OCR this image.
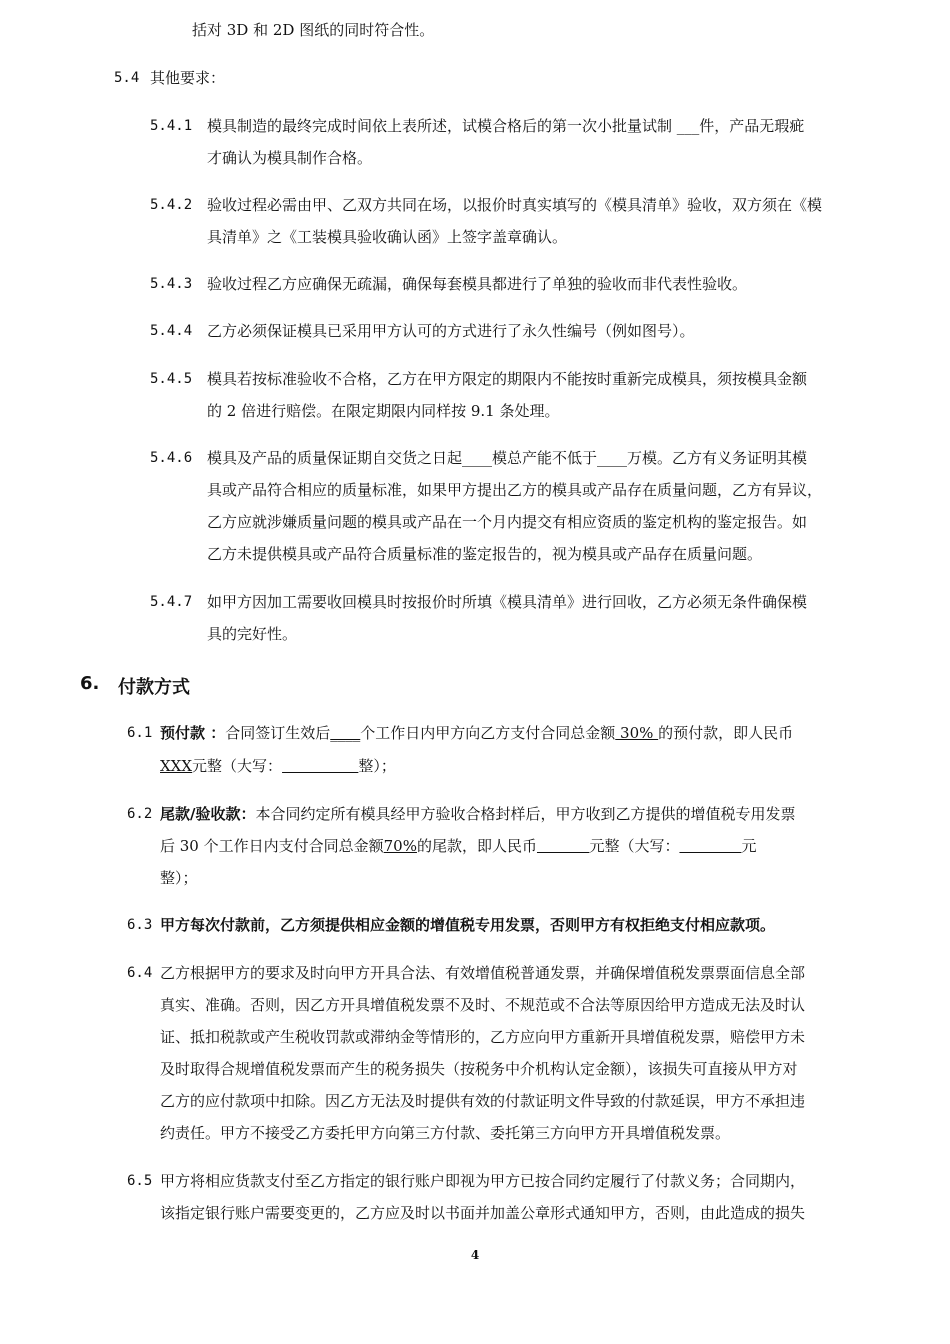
括对 3D 和 2D 图纸的同时符合性。
5.4 其他要求：
5.4.1 模具制造的最终完成时间依上表所述，试模合格后的第一次小批量试制 ___件，产品无瑕疵
才确认为模具制作合格。
5.4.2 验收过程必需由甲、乙双方共同在场，以报价时真实填写的《模具清单》验收，双方须在《模
具清单》之《工装模具验收确认函》上签字盖章确认。
5.4.3 验收过程乙方应确保无疏漏，确保每套模具都进行了单独的验收而非代表性验收。
5.4.4 乙方必须保证模具已采用甲方认可的方式进行了永久性编号（例如图号）。
5.4.5 模具若按标准验收不合格，乙方在甲方限定的期限内不能按时重新完成模具，须按模具金额
的 2 倍进行赔偿。在限定期限内同样按 9.1 条处理。
5.4.6 模具及产品的质量保证期自交货之日起____模总产能不低于____万模。乙方有义务证明其模
具或产品符合相应的质量标准，如果甲方提出乙方的模具或产品存在质量问题，乙方有异议，
乙方应就涉嫌质量问题的模具或产品在一个月内提交有相应资质的鉴定机构的鉴定报告。如
乙方未提供模具或产品符合质量标准的鉴定报告的，视为模具或产品存在质量问题。
5.4.7 如甲方因加工需要收回模具时按报价时所填《模具清单》进行回收，乙方必须无条件确保模
具的完好性。
6. 付款方式
6.1 预付款 ：合同签订生效后____个工作日内甲方向乙方支付合同总金额 30% 的预付款，即人民币
XXX元整（大写：	整）；
6.2 尾款/验收款：本合同约定所有模具经甲方验收合格封样后，甲方收到乙方提供的增值税专用发票
后 30 个工作日内支付合同总金额70%的尾款，即人民币	元整（大写：	元
整）；
6.3 甲方每次付款前，乙方须提供相应金额的增值税专用发票，否则甲方有权拒绝支付相应款项。
6.4 乙方根据甲方的要求及时向甲方开具合法、有效增值税普通发票，并确保增值税发票票面信息全部
真实、准确。否则，因乙方开具增值税发票不及时、不规范或不合法等原因给甲方造成无法及时认
证、抵扣税款或产生税收罚款或滞纳金等情形的，乙方应向甲方重新开具增值税发票，赔偿甲方未
及时取得合规增值税发票而产生的税务损失（按税务中介机构认定金额），该损失可直接从甲方对
乙方的应付款项中扣除。因乙方无法及时提供有效的付款证明文件导致的付款延误，甲方不承担违
约责任。甲方不接受乙方委托甲方向第三方付款、委托第三方向甲方开具增值税发票。
6.5 甲方将相应货款支付至乙方指定的银行账户即视为甲方已按合同约定履行了付款义务；合同期内，
该指定银行账户需要变更的，乙方应及时以书面并加盖公章形式通知甲方，否则，由此造成的损失
4
